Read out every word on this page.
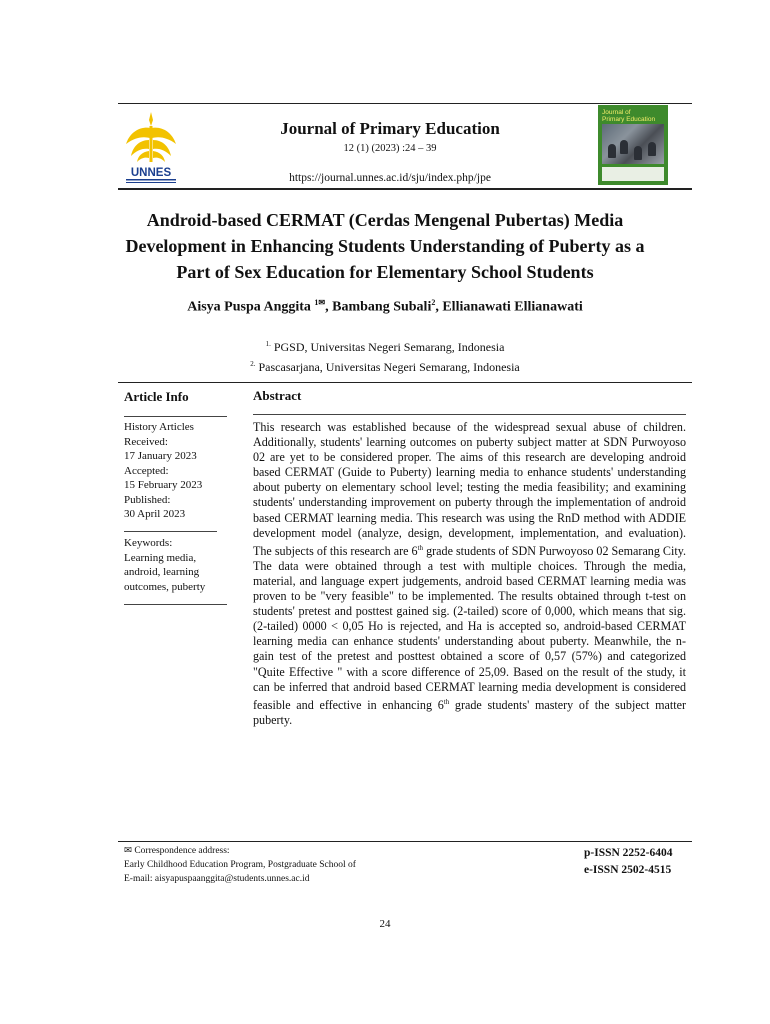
UNNES
Journal of Primary Education
12 (1) (2023) :24 – 39
https://journal.unnes.ac.id/sju/index.php/jpe
Journal of
Primary Education
Android-based CERMAT (Cerdas Mengenal Pubertas) Media
Development in Enhancing Students Understanding of Puberty as a
Part of Sex Education for Elementary School Students
Aisya Puspa Anggita $^{1✉}$, Bambang Subali$^2$, Ellianawati Ellianawati
$^{1.}$ PGSD, Universitas Negeri Semarang, Indonesia
$^{2.}$ Pascasarjana, Universitas Negeri Semarang, Indonesia
Article Info
History Articles
Received:
17 January 2023
Accepted:
15 February 2023
Published:
30 April 2023
Keywords:
Learning media,
android, learning
outcomes, puberty
Abstract
This research was established because of the widespread sexual abuse of children. Additionally, students' learning outcomes on puberty subject matter at SDN Purwoyoso 02 are yet to be considered proper. The aims of this research are developing android based CERMAT (Guide to Puberty) learning media to enhance students' understanding about puberty on elementary school level; testing the media feasibility; and examining students' understanding improvement on puberty through the implementation of android based CERMAT learning media. This research was using the RnD method with ADDIE development model (analyze, design, development, implementation, and evaluation). The subjects of this research are 6th grade students of SDN Purwoyoso 02 Semarang City. The data were obtained through a test with multiple choices. Through the media, material, and language expert judgements, android based CERMAT learning media was proven to be "very feasible" to be implemented. The results obtained through t-test on students' pretest and posttest gained sig. (2-tailed) score of 0,000, which means that sig. (2-tailed) 0000 < 0,05 Ho is rejected, and Ha is accepted so, android-based CERMAT learning media can enhance students' understanding about puberty. Meanwhile, the n-gain test of the pretest and posttest obtained a score of 0,57 (57%) and categorized "Quite Effective " with a score difference of 25,09. Based on the result of the study, it can be inferred that android based CERMAT learning media development is considered feasible and effective in enhancing 6th grade students' mastery of the subject matter puberty.
✉ Correspondence address:
Early Childhood Education Program, Postgraduate School of
E-mail: aisyapuspaanggita@students.unnes.ac.id
p-ISSN 2252-6404
e-ISSN 2502-4515
24
